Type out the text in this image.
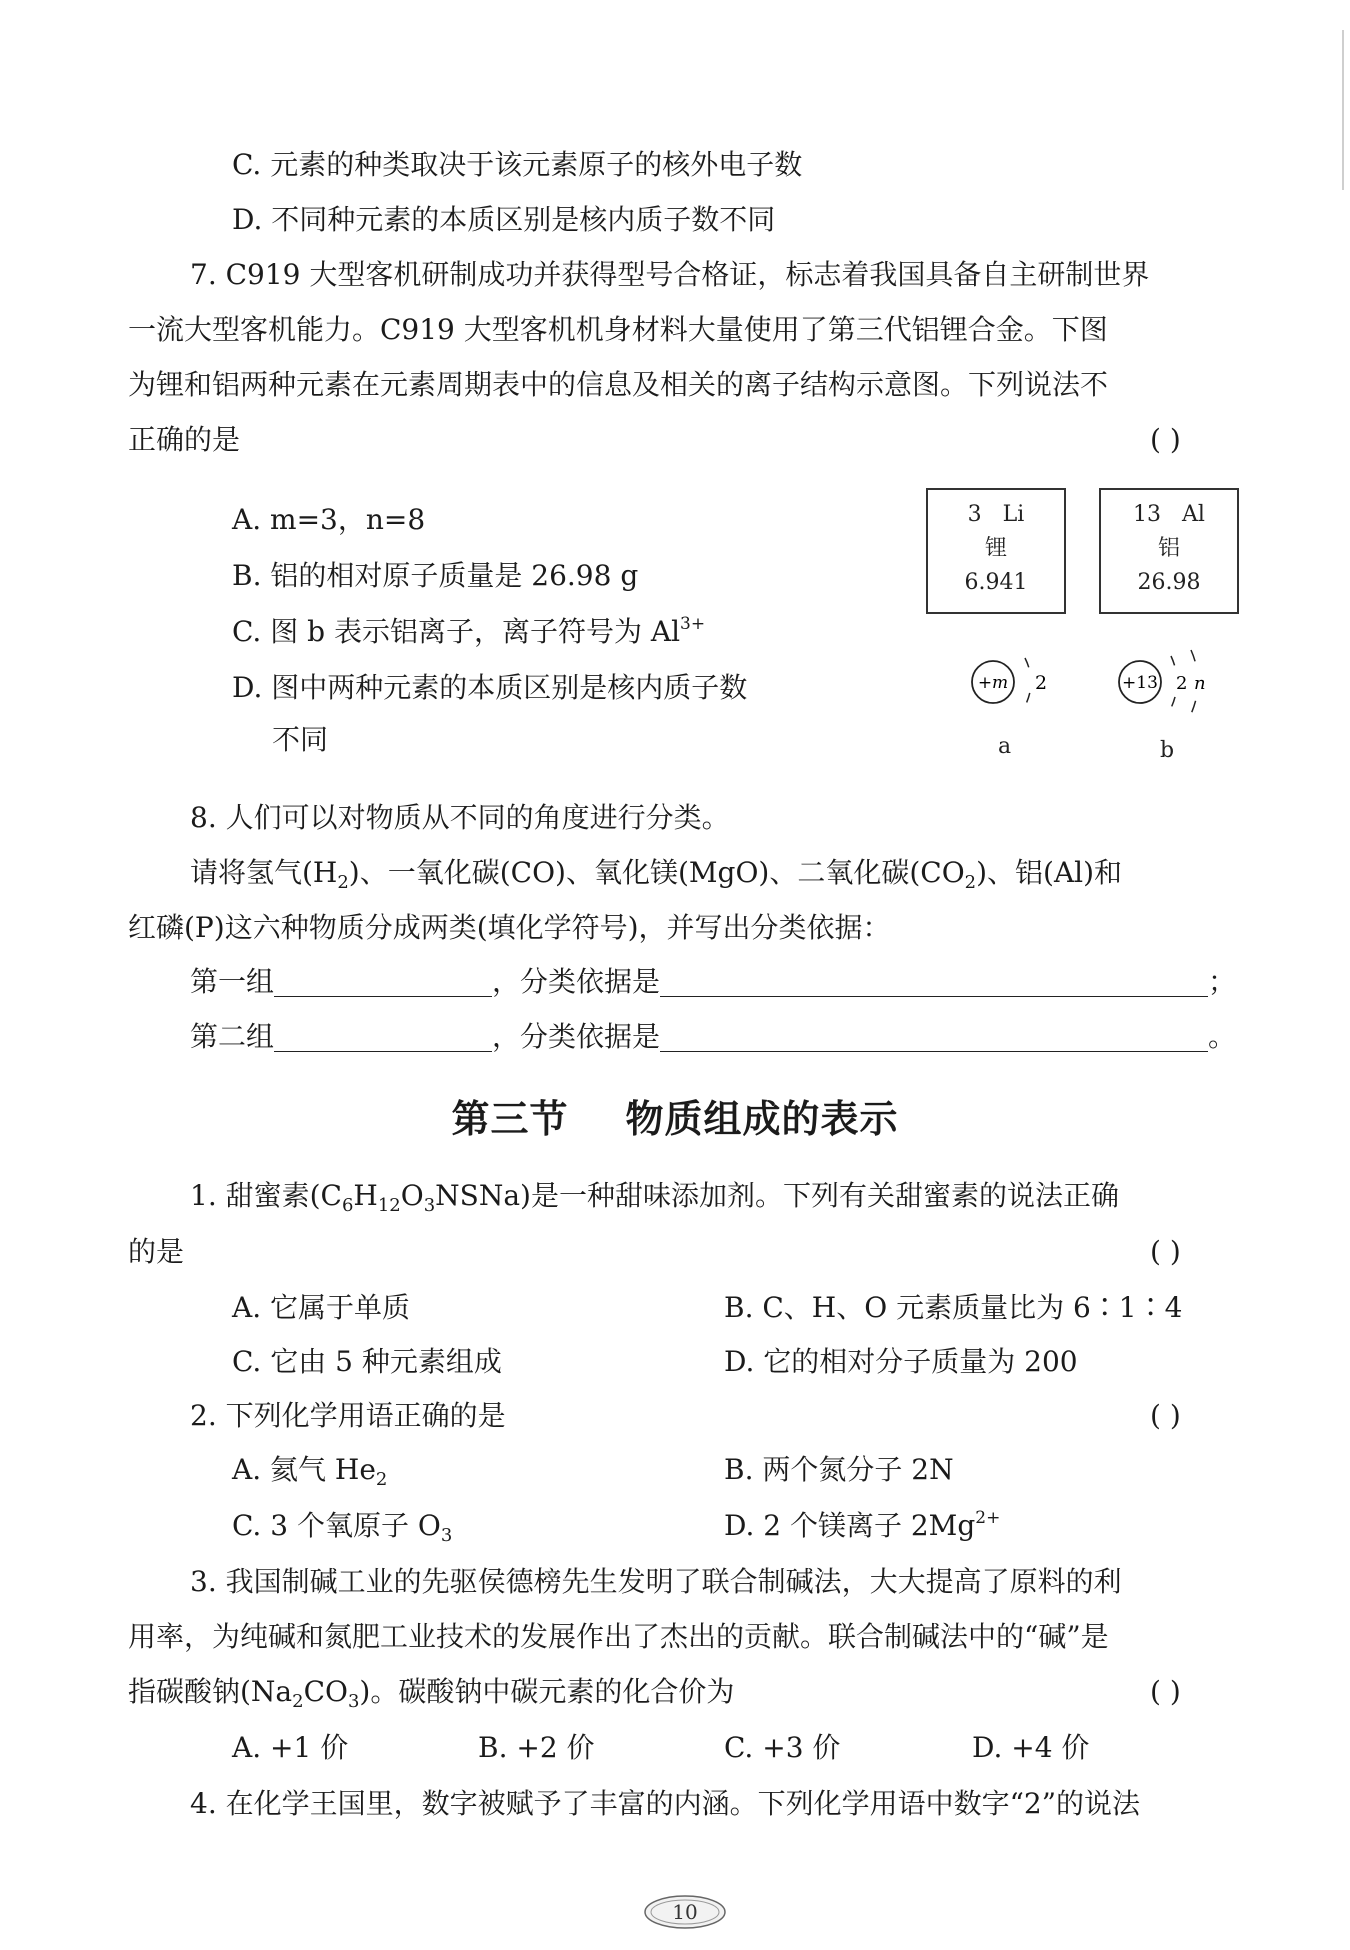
C. 元素的种类取决于该元素原子的核外电子数
D. 不同种元素的本质区别是核内质子数不同
7. C919 大型客机研制成功并获得型号合格证，标志着我国具备自主研制世界
一流大型客机能力。C919 大型客机机身材料大量使用了第三代铝锂合金。下图
为锂和铝两种元素在元素周期表中的信息及相关的离子结构示意图。下列说法不
正确的是	( )
A. m=3，n=8
B. 铝的相对原子质量是 26.98 g
C. 图 b 表示铝离子，离子符号为 $Al^{3+}$
D. 图中两种元素的本质区别是核内质子数
不同
3 Li
锂
6.941
13 Al
铝
26.98
+m 2
a
+13 2 n
b
8. 人们可以对物质从不同的角度进行分类。
请将氢气$(H_2)$、一氧化碳(CO)、氧化镁(MgO)、二氧化碳$(CO_2)$、铝(Al)和
红磷(P)这六种物质分成两类(填化学符号)，并写出分类依据：
第一组	，分类依据是	；
第二组	，分类依据是	。
第三节    物质组成的表示
1. 甜蜜素$(C_6H_{12}O_3NSNa)$是一种甜味添加剂。下列有关甜蜜素的说法正确
的是	( )
A. 它属于单质	B. C、H、O 元素质量比为 6∶1∶4
C. 它由 5 种元素组成	D. 它的相对分子质量为 200
2. 下列化学用语正确的是	( )
A. 氦气 $He_2$	B. 两个氮分子 2N
C. 3 个氧原子 $O_3$	D. 2 个镁离子 $2Mg^{2+}$
3. 我国制碱工业的先驱侯德榜先生发明了联合制碱法，大大提高了原料的利
用率，为纯碱和氮肥工业技术的发展作出了杰出的贡献。联合制碱法中的“碱”是
指碳酸钠$(Na_2CO_3)$。碳酸钠中碳元素的化合价为	( )
A. +1 价	B. +2 价	C. +3 价	D. +4 价
4. 在化学王国里，数字被赋予了丰富的内涵。下列化学用语中数字“2”的说法
10
